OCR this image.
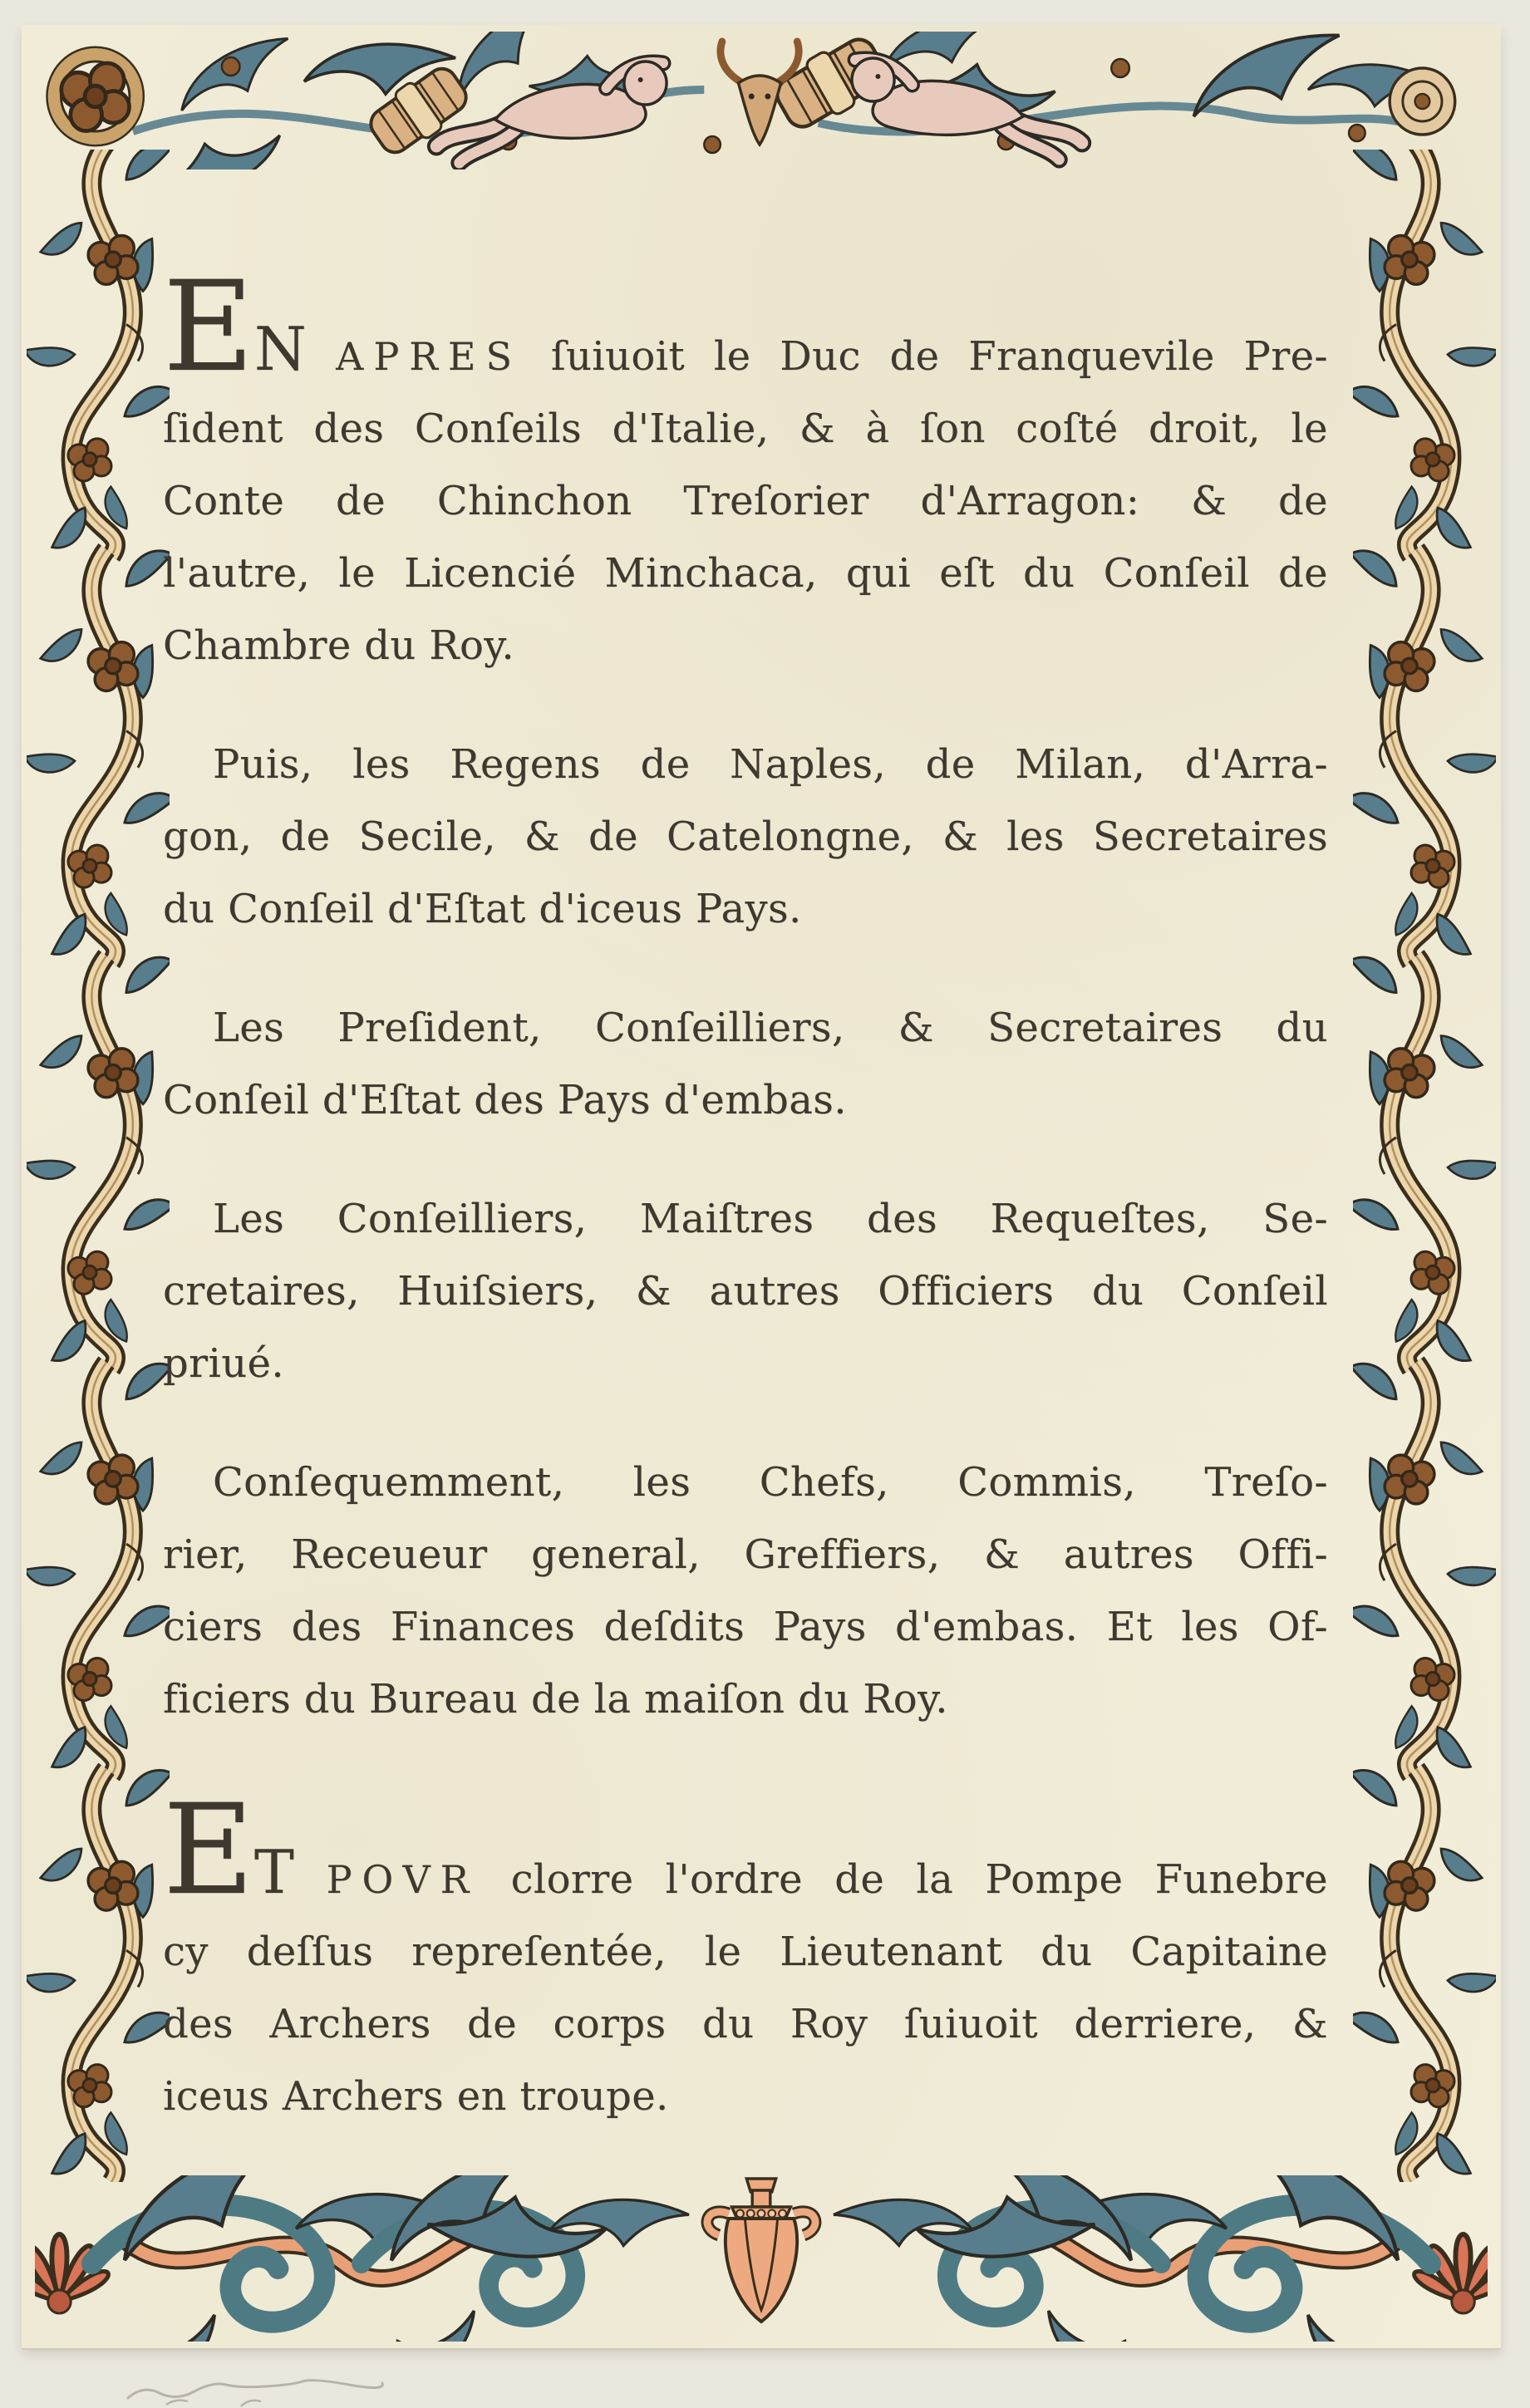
EN APRES ſuiuoit le Duc de Franquevile Pre-
ſident des Conſeils d'Italie, & à ſon coſté droit, le
Conte de Chinchon Treſorier d'Arragon: & de
l'autre, le Licencié Minchaca, qui eſt du Conſeil de
Chambre du Roy.

Puis, les Regens de Naples, de Milan, d'Arra-
gon, de Secile, & de Catelongne, & les Secretaires
du Conſeil d'Eſtat d'iceus Pays.

Les Preſident, Conſeilliers, & Secretaires du
Conſeil d'Eſtat des Pays d'embas.

Les Conſeilliers, Maiſtres des Requeſtes, Se-
cretaires, Huiſsiers, & autres Officiers du Conſeil
priué.

Conſequemment, les Chefs, Commis, Treſo-
rier, Receueur general, Greffiers, & autres Offi-
ciers des Finances deſdits Pays d'embas. Et les Of-
ficiers du Bureau de la maiſon du Roy.

ET POVR clorre l'ordre de la Pompe Funebre
cy deſſus repreſentée, le Lieutenant du Capitaine
des Archers de corps du Roy ſuiuoit derriere, &
iceus Archers en troupe.
